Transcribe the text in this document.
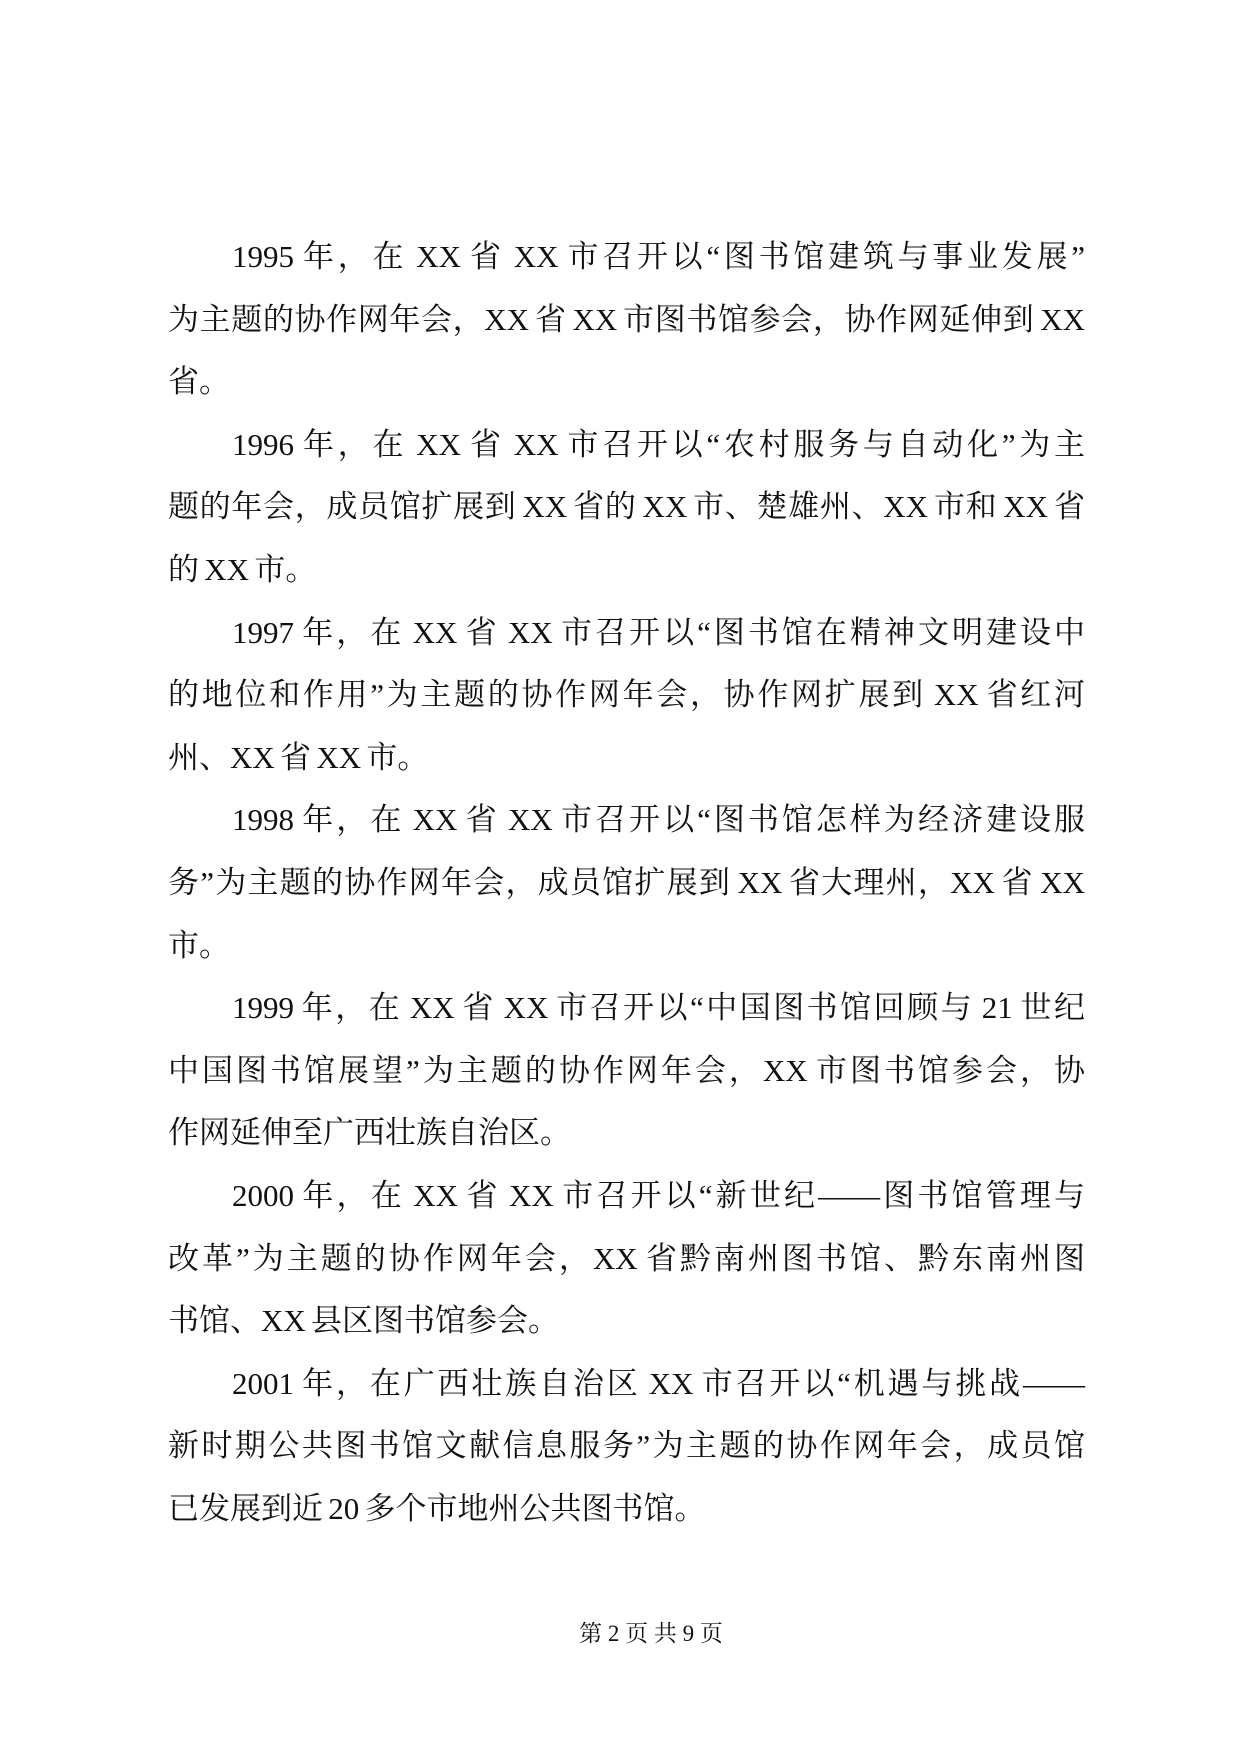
1995 年，在 XX 省 XX 市召开以“图书馆建筑与事业发展”
为主题的协作网年会，XX 省 XX 市图书馆参会，协作网延伸到 XX
省。
1996 年，在 XX 省 XX 市召开以“农村服务与自动化”为主
题的年会，成员馆扩展到 XX 省的 XX 市、楚雄州、XX 市和 XX 省
的 XX 市。
1997 年，在 XX 省 XX 市召开以“图书馆在精神文明建设中
的地位和作用”为主题的协作网年会，协作网扩展到 XX 省红河
州、XX 省 XX 市。
1998 年，在 XX 省 XX 市召开以“图书馆怎样为经济建设服
务”为主题的协作网年会，成员馆扩展到 XX 省大理州，XX 省 XX
市。
1999 年，在 XX 省 XX 市召开以“中国图书馆回顾与 21 世纪
中国图书馆展望”为主题的协作网年会，XX 市图书馆参会，协
作网延伸至广西壮族自治区。
2000 年，在 XX 省 XX 市召开以“新世纪——图书馆管理与
改革”为主题的协作网年会，XX 省黔南州图书馆、黔东南州图
书馆、XX 县区图书馆参会。
2001 年，在广西壮族自治区 XX 市召开以“机遇与挑战——
新时期公共图书馆文献信息服务”为主题的协作网年会，成员馆
已发展到近 20 多个市地州公共图书馆。
第 2 页 共 9 页
